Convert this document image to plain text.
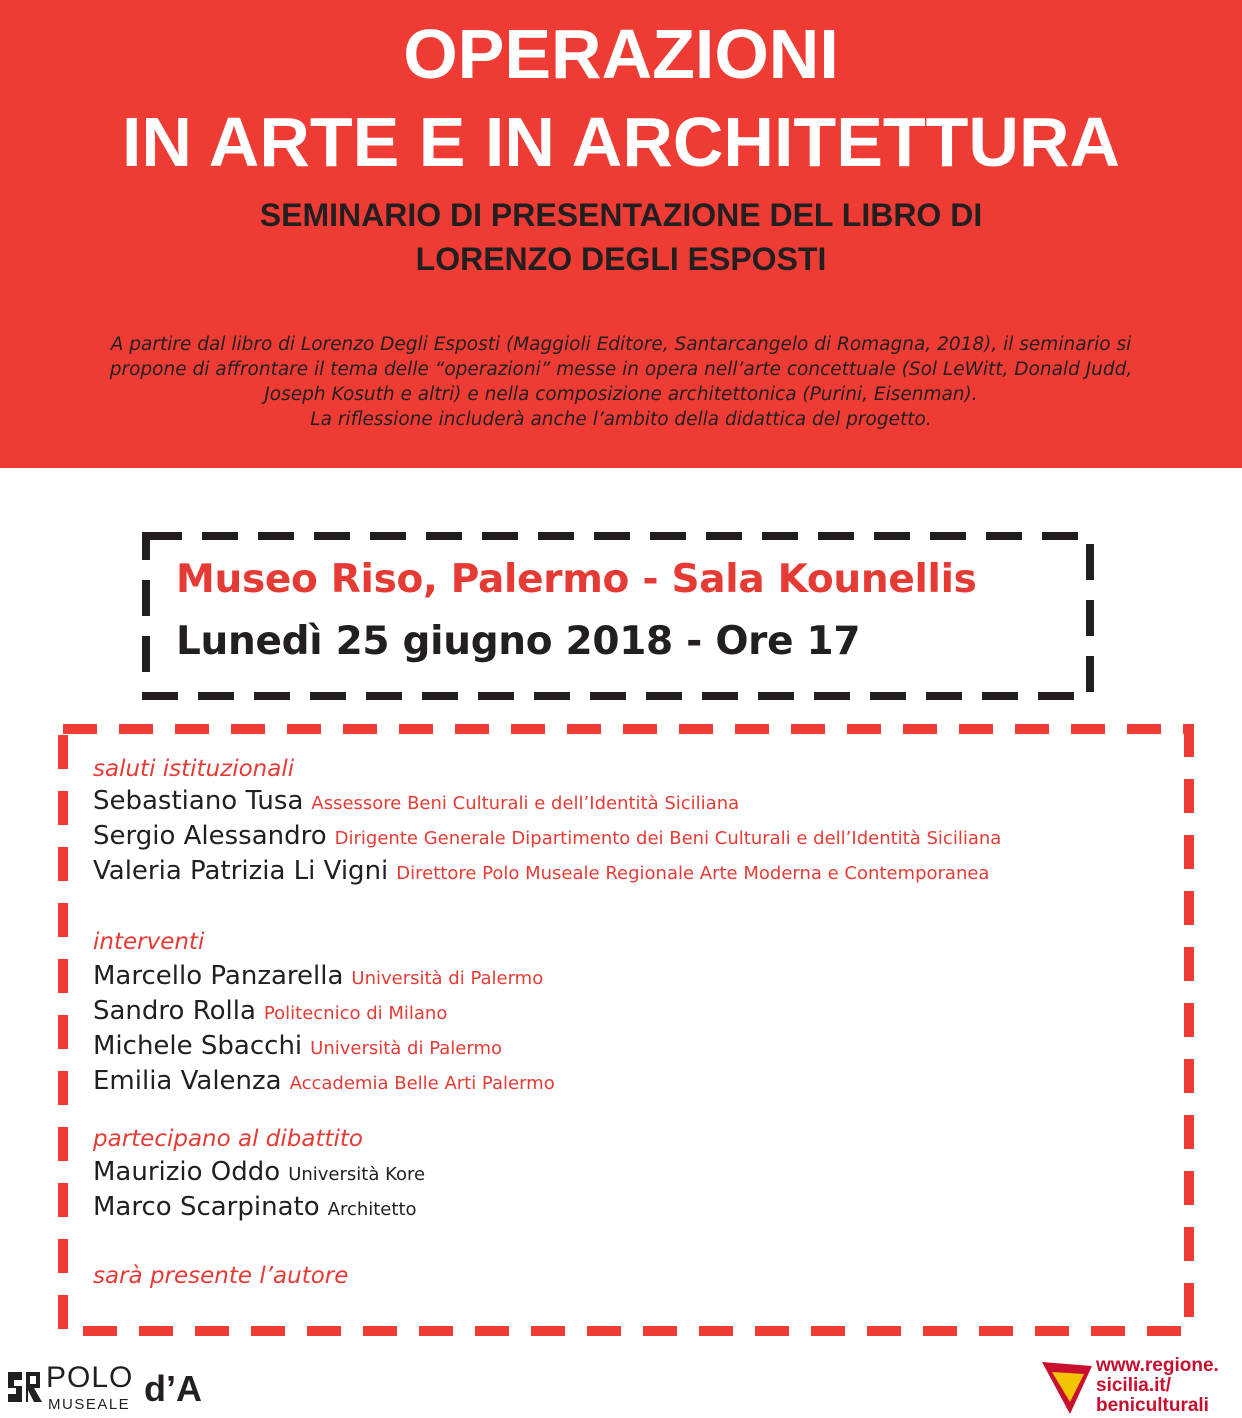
OPERAZIONI
IN ARTE E IN ARCHITETTURA
SEMINARIO DI PRESENTAZIONE DEL LIBRO DI
LORENZO DEGLI ESPOSTI
A partire dal libro di Lorenzo Degli Esposti (Maggioli Editore, Santarcangelo di Romagna, 2018), il seminario si
propone di affrontare il tema delle “operazioni” messe in opera nell’arte concettuale (Sol LeWitt, Donald Judd,
Joseph Kosuth e altri) e nella composizione architettonica (Purini, Eisenman).
La riflessione includerà anche l’ambito della didattica del progetto.
Museo Riso, Palermo - Sala Kounellis
Lunedì 25 giugno 2018 - Ore 17
saluti istituzionali
Sebastiano Tusa Assessore Beni Culturali e dell’Identità Siciliana
Sergio Alessandro Dirigente Generale Dipartimento dei Beni Culturali e dell’Identità Siciliana
Valeria Patrizia Li Vigni Direttore Polo Museale Regionale Arte Moderna e Contemporanea
interventi
Marcello Panzarella Università di Palermo
Sandro Rolla Politecnico di Milano
Michele Sbacchi Università di Palermo
Emilia Valenza Accademia Belle Arti Palermo
partecipano al dibattito
Maurizio Oddo Università Kore
Marco Scarpinato Architetto
sarà presente l’autore
POLO
MUSEALE d’A
www.regione.
sicilia.it/
beniculturali
